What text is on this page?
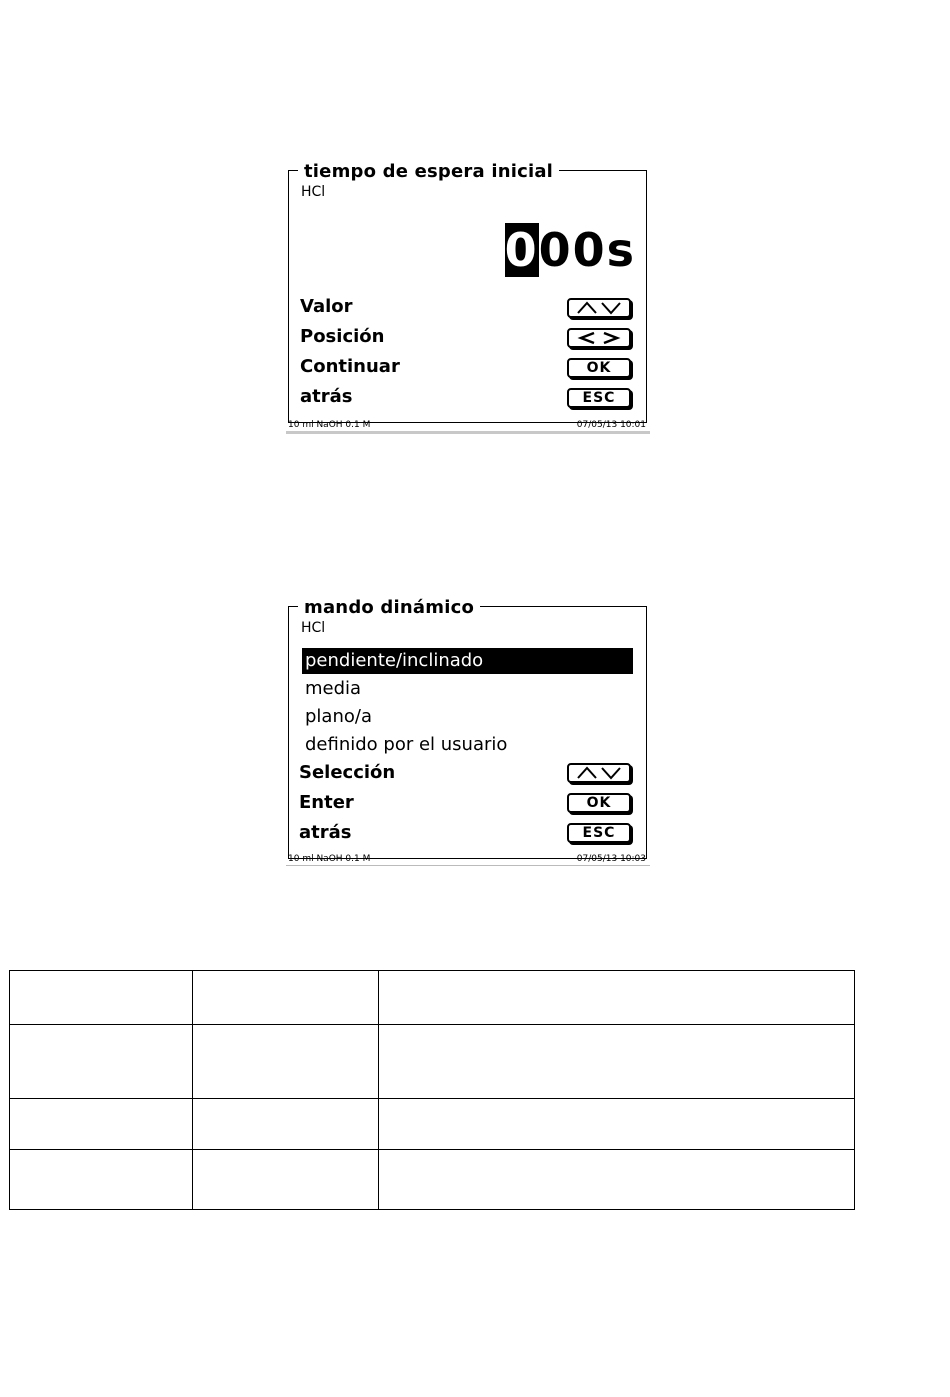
tiempo de espera inicial
HCl
000s
Valor
Posición
Continuar	OK
atrás	ESC
10 ml NaOH 0.1 M	07/05/13 10:01
mando dinámico
HCl
pendiente/inclinado
media
plano/a
definido por el usuario
Selección
Enter	OK
atrás	ESC
10 ml NaOH 0.1 M	07/05/13 10:03
